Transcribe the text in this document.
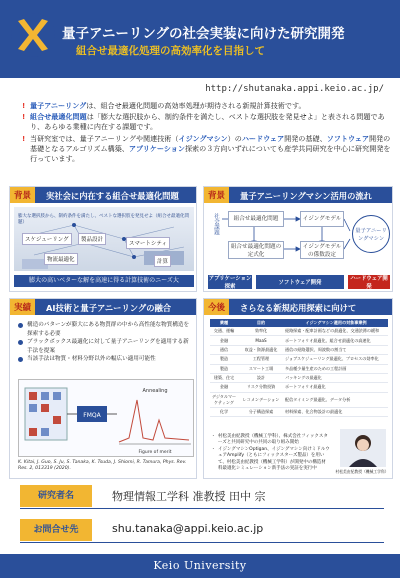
量子アニーリングの社会実装に向けた研究開発
組合せ最適化処理の高効率化を目指して
http://shutanaka.appi.keio.ac.jp/
! 量子アニーリングは、組合せ最適化問題の高効率処理が期待される新規計算技術です。
! 組合せ最適化問題は「膨大な選択肢から、制約条件を満たし、ベストな選択肢を発見せよ」と表される問題であり、あらゆる業種に内在する課題です。
! 当研究室では、量子アニーリングや関連技術（イジングマシン）のハードウェア開発の基礎、ソフトウェア開発の基礎となるアルゴリズム構築、アプリケーション探索の３方向いずれについても産学共同研究を中心に研究開発を行っています。
背景	実社会に内在する組合せ最適化問題
膨大な選択肢から、制約条件を満たし、ベストな選択肢を発見せよ（組合せ最適化問題）
スケジューリング	製品設計
スマートシティ
物流最適化	計算
膨大の高いベターな解を高速に得る計算技術のニーズ大
背景	量子アニーリングマシン活用の流れ
社会課題	組合せ最適化問題	イジングモデル
組合せ最適化問題の定式化
イジングモデルの係数設定
量子アニーリングマシン
アプリケーション探索
ソフトウェア開発
ハードウェア開発
実績	AI技術と量子アニーリングの融合
構造のパターンが膨大にある物質群の中から高性能な物質構造を探索する必要
ブラックボックス最適化に対して量子アニーリングを適用する新手法を提案
当該手法は物質・材料分野以外の幅広い適用可能性
FMQA
Annealing
Figure of merit
K. Kitai, J. Guo, S. Ju, S. Tanaka, K. Tsuda, J. Shiomi, R. Tamura, Phys. Rev. Res. 2, 013319 (2020).
今後	さらなる新規応用探索に向けて
業種	目的	イジングマシン適用の対象事業例
交通、運輸	効率化	経路探索・配車計画などの最適化、交通渋滞の緩和
金融	MaaS	ポートフォリオ最適化、組合せ最適化の高速化
通信	収益・資源最適化	通信の経路選択、周波数の割当て
製造	工程管理	ジョブスケジューリング最適化、プロセスの効率化
製造	スマート工場	多品種少量生産のための工程計画
建築、住宅	設計	パッキングの最適化
金融	リスク分散投資	ポートフォリオ最適化
デジタルマーケティング	レコメンデーション	配信タイミング最適化、データ分析
化学	分子構造探索	材料探索、化合物設計の最適化
・ 村松美由紀教授（機械工学科）、株式会社フィックスターズと共同研究中の共同の取り組み開始
・ イジングマシンOptigan、イジングマシン向けミドルウェアAmplify（ともにフィックスターズ製品）を用いて、村松美由紀教授（機械工学科）が開発中の構造材料最適化シミュレーション新手法の実証を実行中
村松美由紀教授（機械工学科）
研究者名	物理情報工学科 准教授 田中 宗
お問合せ先	shu.tanaka@appi.keio.ac.jp
Keio University
